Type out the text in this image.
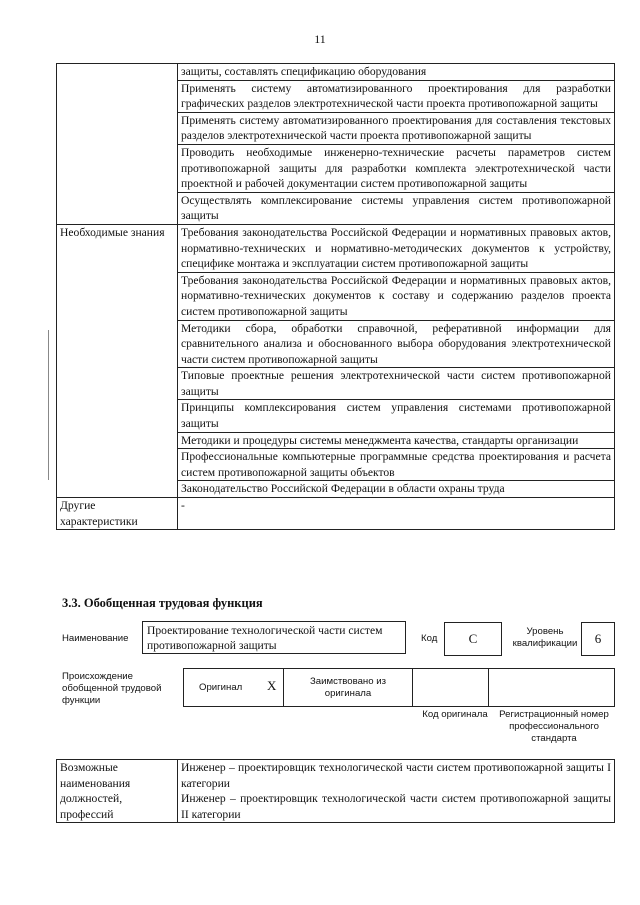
11
	защиты, составлять спецификацию оборудования
	Применять систему автоматизированного проектирования для разработки графических разделов электротехнической части проекта противопожарной защиты
	Применять систему автоматизированного проектирования для составления текстовых разделов электротехнической части проекта противопожарной защиты
	Проводить необходимые инженерно-технические расчеты параметров систем противопожарной защиты для разработки комплекта электротехнической части проектной и рабочей документации систем противопожарной защиты
	Осуществлять комплексирование системы управления систем противопожарной защиты
Необходимые знания	Требования законодательства Российской Федерации и нормативных правовых актов, нормативно-технических и нормативно-методических документов к устройству, специфике монтажа и эксплуатации систем противопожарной защиты
	Требования законодательства Российской Федерации и нормативных правовых актов, нормативно-технических документов к составу и содержанию разделов проекта систем противопожарной защиты
	Методики сбора, обработки справочной, реферативной информации для сравнительного анализа и обоснованного выбора оборудования электротехнической части систем противопожарной защиты
	Типовые проектные решения электротехнической части систем противопожарной защиты
	Принципы комплексирования систем управления системами противопожарной защиты
	Методики и процедуры системы менеджмента качества, стандарты организации
	Профессиональные компьютерные программные средства проектирования и расчета систем противопожарной защиты объектов
	Законодательство Российской Федерации в области охраны труда
Другие характеристики	-
3.3. Обобщенная трудовая функция
Наименование
Проектирование технологической части систем противопожарной защиты
Код	C	Уровень квалификации	6
Происхождение обобщенной трудовой функции
Оригинал X	Заимствовано из оригинала
Код оригинала	Регистрационный номер профессионального стандарта
Возможные наименования должностей, профессий	
Инженер – проектировщик технологической части систем противопожарной защиты I категории
Инженер – проектировщик технологической части систем противопожарной защиты II категории
